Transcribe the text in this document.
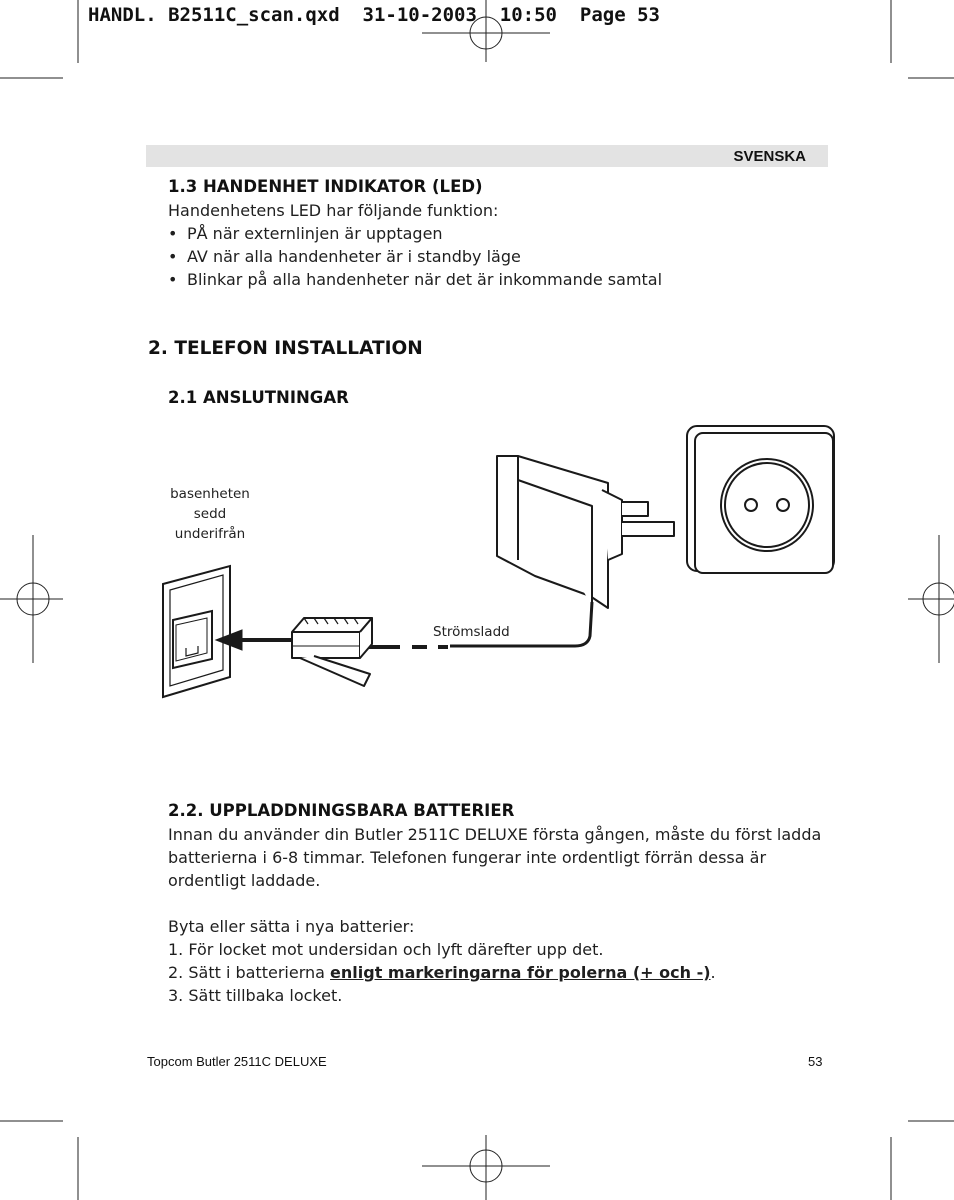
HANDL. B2511C_scan.qxd  31-10-2003  10:50  Page 53
SVENSKA
1.3 HANDENHET INDIKATOR (LED)
Handenhetens LED har följande funktion:
• PÅ när externlinjen är upptagen
• AV när alla handenheter är i standby läge
• Blinkar på alla handenheter när det är inkommande samtal
2. TELEFON INSTALLATION
2.1 ANSLUTNINGAR
basenheten
sedd
underifrån
Strömsladd
2.2. UPPLADDNINGSBARA BATTERIER
Innan du använder din Butler 2511C DELUXE första gången, måste du först ladda
batterierna i 6-8 timmar. Telefonen fungerar inte ordentligt förrän dessa är
ordentligt laddade.
Byta eller sätta i nya batterier:
1. För locket mot undersidan och lyft därefter upp det.
2. Sätt i batterierna enligt markeringarna för polerna (+ och -).
3. Sätt tillbaka locket.
Topcom Butler 2511C DELUXE	53
